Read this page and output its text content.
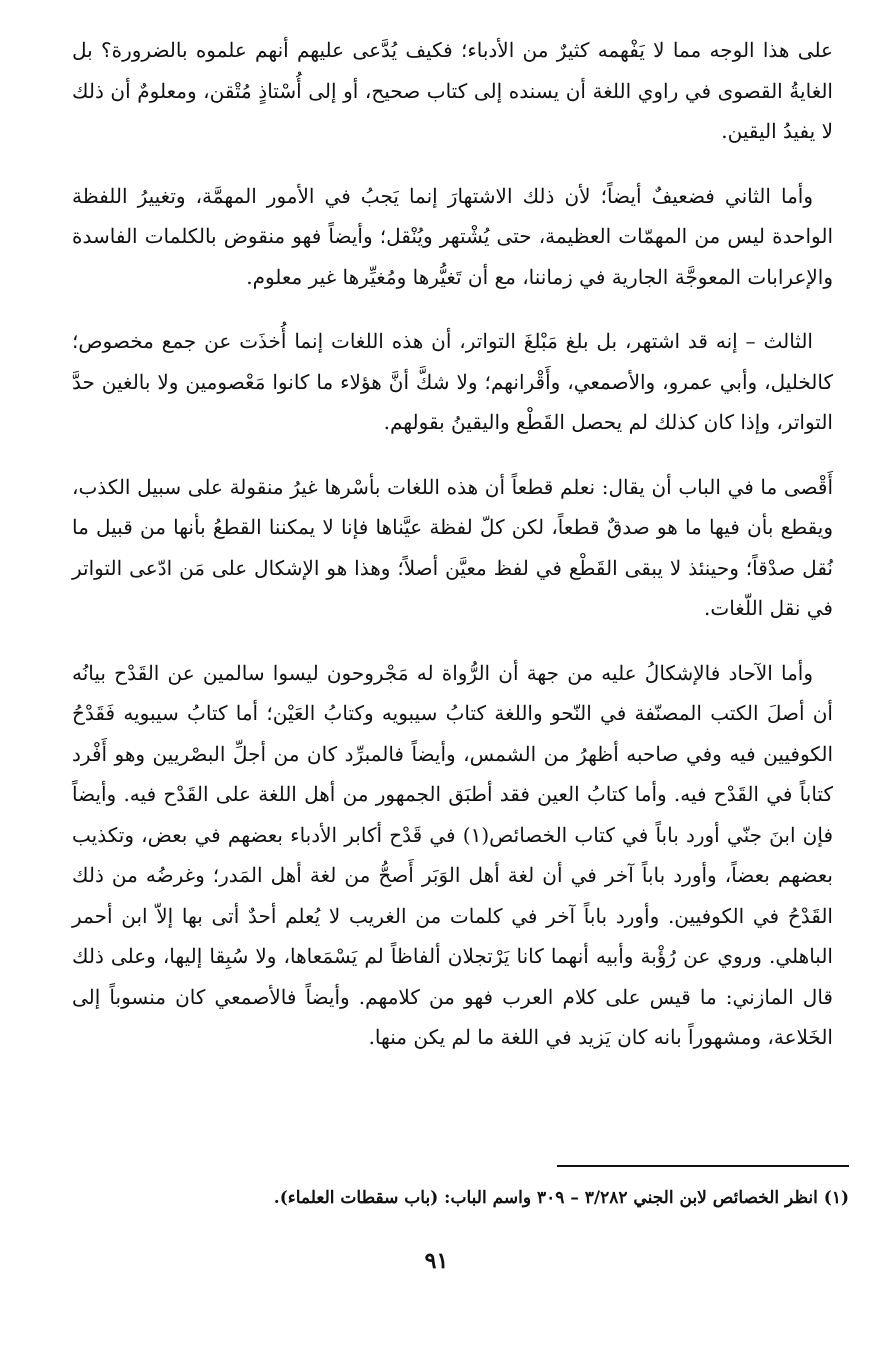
على هذا الوجه مما لا يَفْهمه كثيرٌ من الأدباء؛ فكيف يُدَّعى عليهم أنهم علموه بالضرورة؟ بل الغايةُ القصوى في راوي اللغة أن يسنده إلى كتاب صحيح، أو إلى أُسْتاذٍ مُتْقن، ومعلومٌ أن ذلك لا يفيدُ اليقين.

وأما الثاني فضعيفٌ أيضاً؛ لأن ذلك الاشتهارَ إنما يَجبُ في الأمور المهمَّة، وتغييرُ اللفظة الواحدة ليس من المهمّات العظيمة، حتى يُشْتهر ويُنْقل؛ وأيضاً فهو منقوض بالكلمات الفاسدة والإعرابات المعوجَّة الجارية في زماننا، مع أن تَغيُّرها ومُغيِّرها غير معلوم.

الثالث – إنه قد اشتهر، بل بلغ مَبْلغَ التواتر، أن هذه اللغات إنما أُخذَت عن جمع مخصوص؛ كالخليل، وأبي عمرو، والأصمعي، وأَقْرانهم؛ ولا شكَّ أنَّ هؤلاء ما كانوا مَعْصومين ولا بالغين حدَّ التواتر، وإذا كان كذلك لم يحصل القَطْع واليقينُ بقولهم.

أَقْصى ما في الباب أن يقال: نعلم قطعاً أن هذه اللغات بأسْرها غيرُ منقولة على سبيل الكذب، ويقطع بأن فيها ما هو صدقٌ قطعاً، لكن كلّ لفظة عيَّناها فإنا لا يمكننا القطعُ بأنها من قبيل ما نُقل صدْقاً؛ وحينئذ لا يبقى القَطْع في لفظ معيَّن أصلاً؛ وهذا هو الإشكال على مَن ادّعى التواتر في نقل اللّغات.

وأما الآحاد فالإشكالُ عليه من جهة أن الرُّواة له مَجْروحون ليسوا سالمين عن القَدْح بيانُه أن أصلَ الكتب المصنّفة في النّحو واللغة كتابُ سيبويه وكتابُ العَيْن؛ أما كتابُ سيبويه فَقَدْحُ الكوفيين فيه وفي صاحبه أظهرُ من الشمس، وأيضاً فالمبرِّد كان من أجلِّ البصْريين وهو أَفْرد كتاباً في القَدْح فيه. وأما كتابُ العين فقد أطبَق الجمهور من أهل اللغة على القَدْح فيه. وأيضاً فإن ابنَ جنّي أورد باباً في كتاب الخصائص(١) في قَدْح أكابر الأدباء بعضهم في بعض، وتكذيب بعضهم بعضاً، وأورد باباً آخر في أن لغة أهل الوَبَر أَصحُّ من لغة أهل المَدر؛ وغرضُه من ذلك القَدْحُ في الكوفيين. وأورد باباً آخر في كلمات من الغريب لا يُعلم أحدٌ أتى بها إلاّ ابن أحمر الباهلي. وروي عن رُؤْبة وأبيه أنهما كانا يَرْتجلان ألفاظاً لم يَسْمَعاها، ولا سُبِقا إليها، وعلى ذلك قال المازني: ما قيس على كلام العرب فهو من كلامهم. وأيضاً فالأصمعي كان منسوباً إلى الخَلاعة، ومشهوراً بانه كان يَزيد في اللغة ما لم يكن منها.

(١) انظر الخصائص لابن الجني ٣/٢٨٢ – ٣٠٩ واسم الباب: (باب سقطات العلماء).
٩١
